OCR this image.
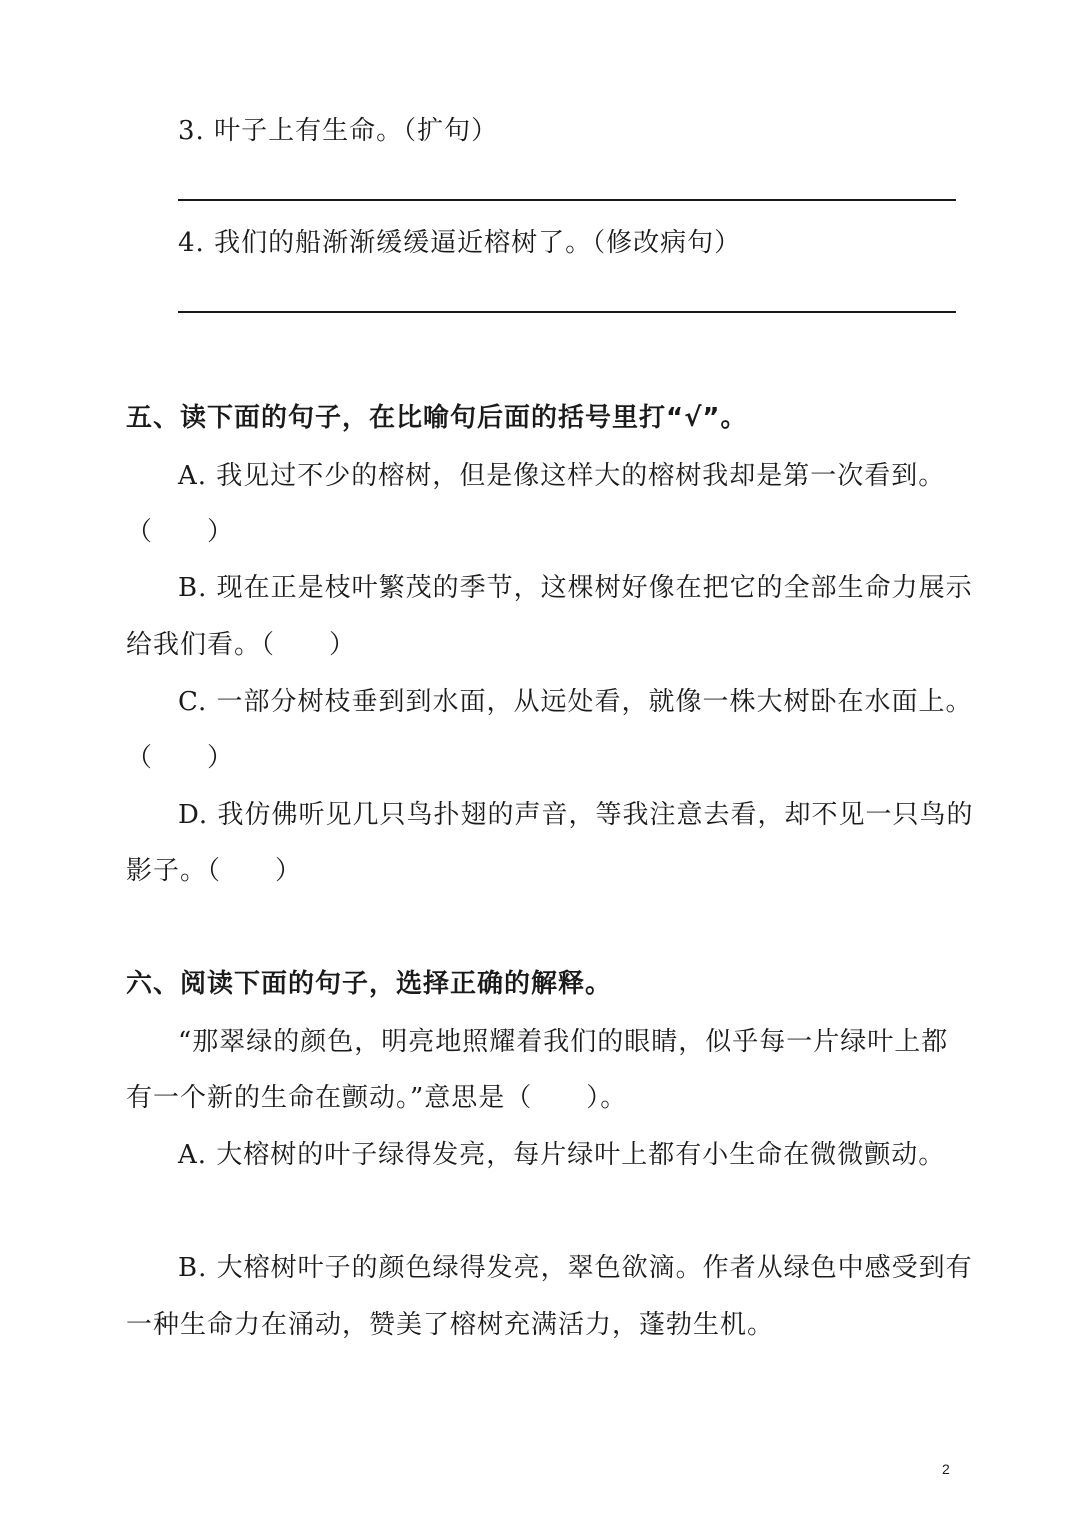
3. 叶子上有生命。（扩句）
4. 我们的船渐渐缓缓逼近榕树了。（修改病句）
五、读下面的句子，在比喻句后面的括号里打“√”。
A. 我见过不少的榕树，但是像这样大的榕树我却是第一次看到。
（　　）
B. 现在正是枝叶繁茂的季节，这棵树好像在把它的全部生命力展示
给我们看。（　　）
C. 一部分树枝垂到到水面，从远处看，就像一株大树卧在水面上。
（　　）
D. 我仿佛听见几只鸟扑翅的声音，等我注意去看，却不见一只鸟的
影子。（　　）
六、阅读下面的句子，选择正确的解释。
“那翠绿的颜色，明亮地照耀着我们的眼睛，似乎每一片绿叶上都
有一个新的生命在颤动。”意思是（　　）。
A. 大榕树的叶子绿得发亮，每片绿叶上都有小生命在微微颤动。
B. 大榕树叶子的颜色绿得发亮，翠色欲滴。作者从绿色中感受到有
一种生命力在涌动，赞美了榕树充满活力，蓬勃生机。
2
